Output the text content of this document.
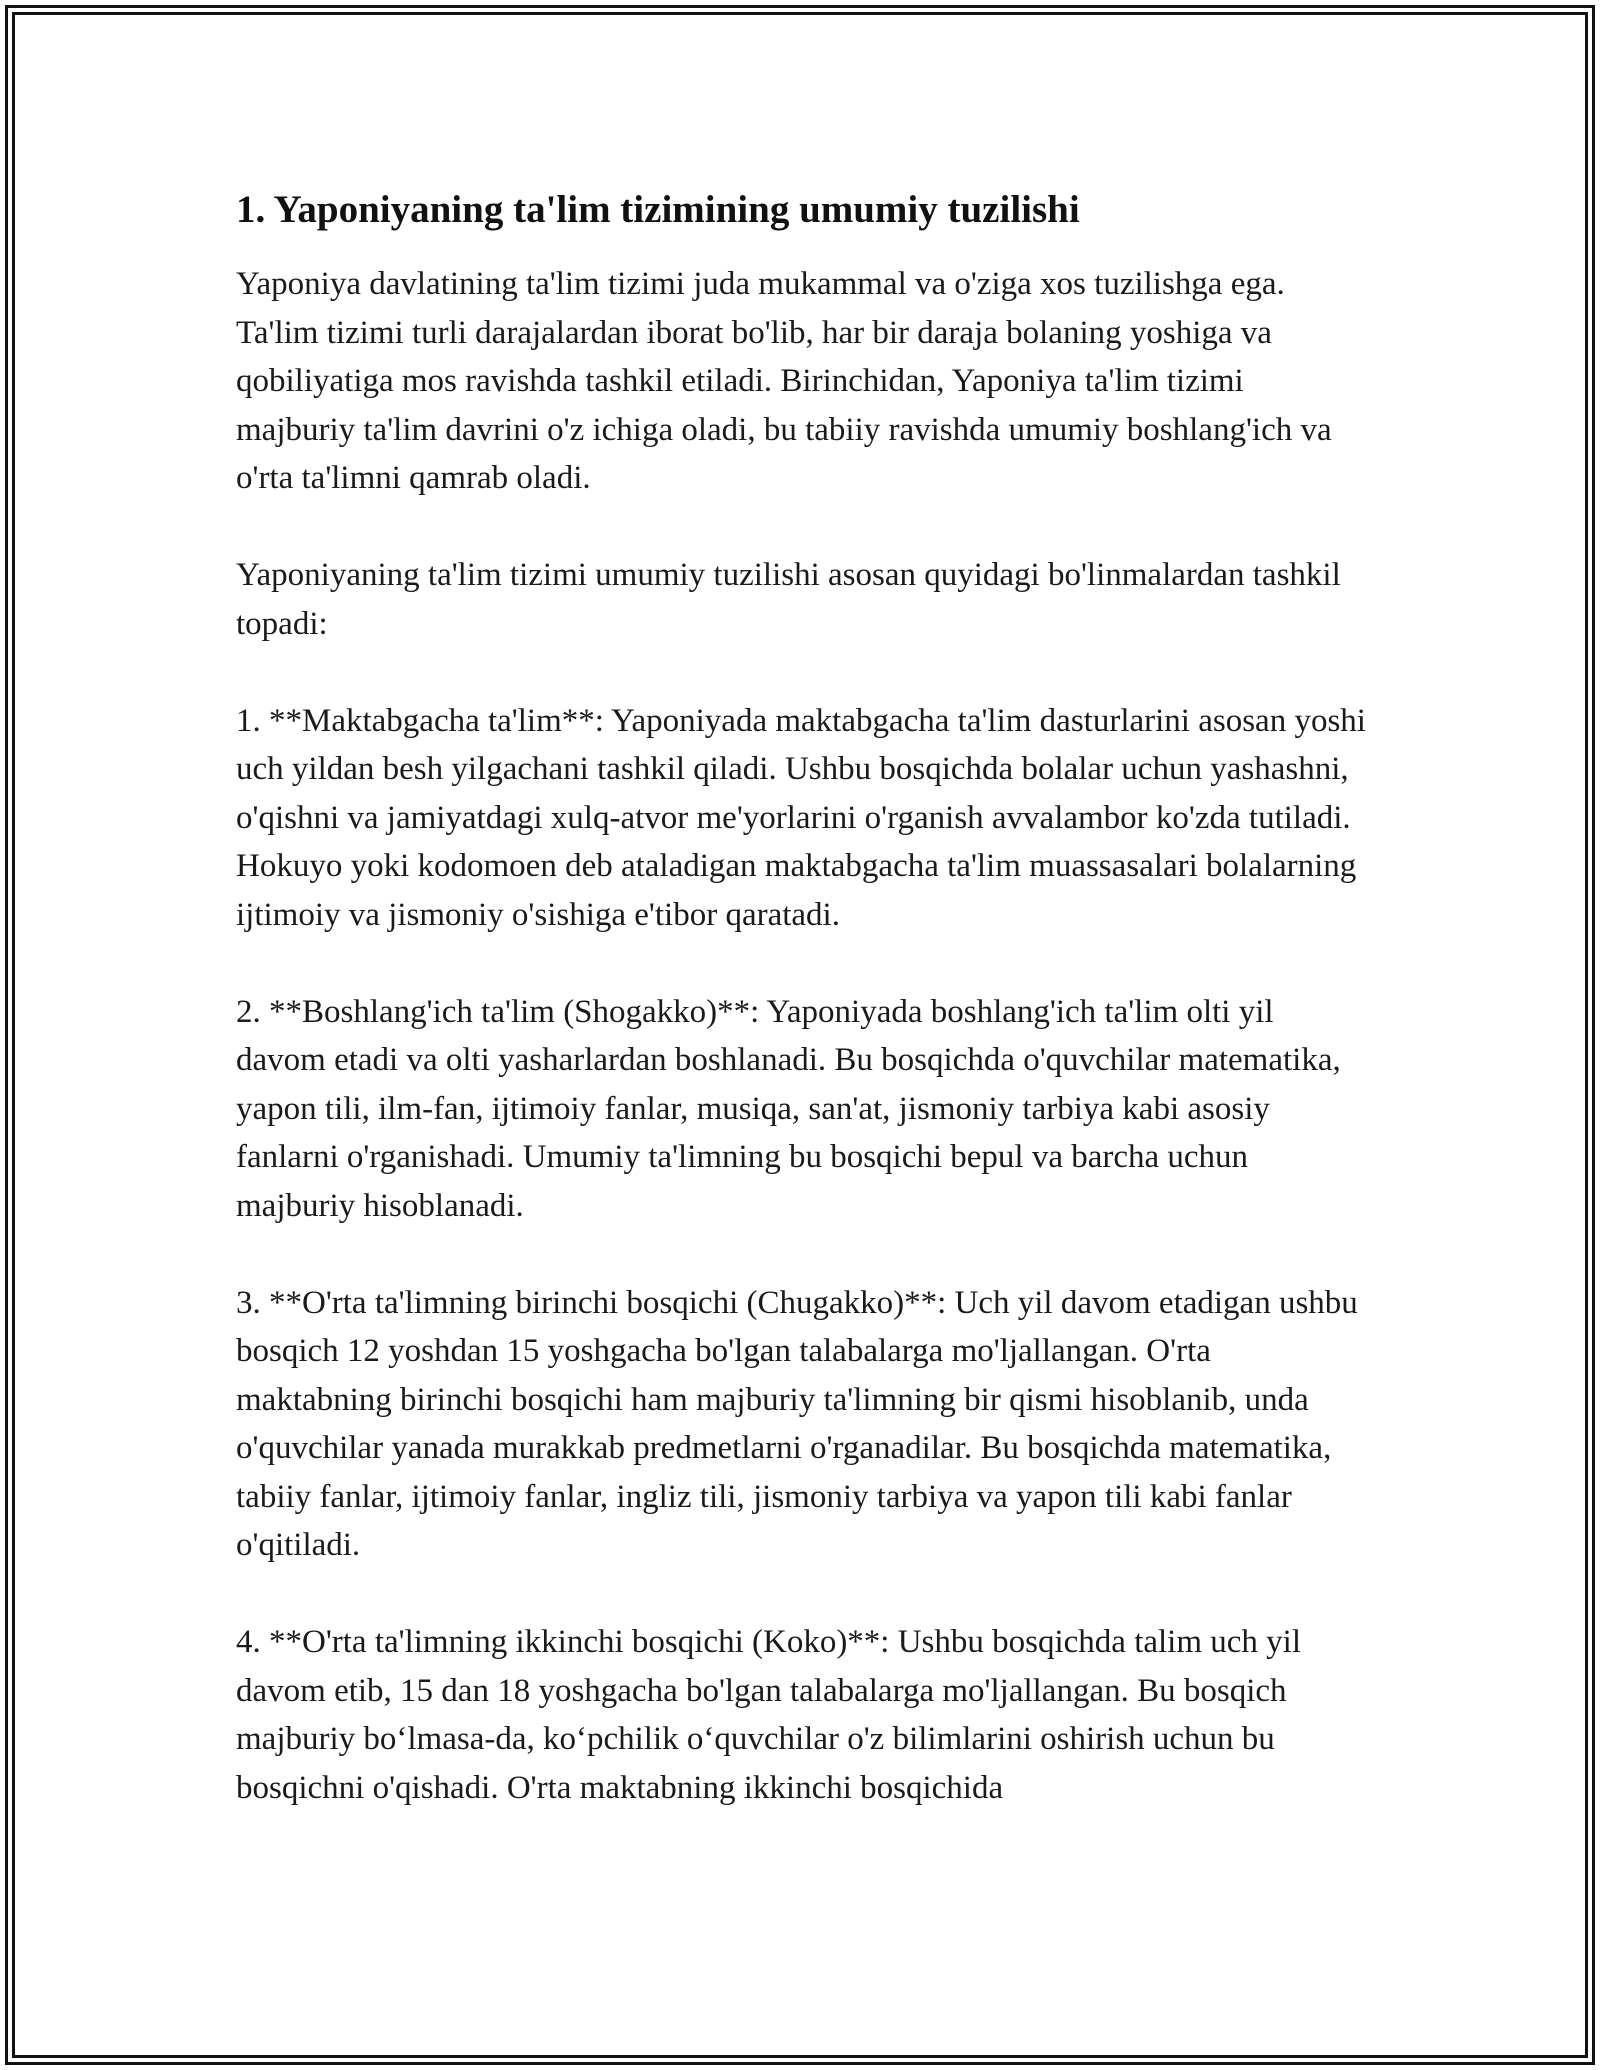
1. Yaponiyaning ta'lim tizimining umumiy tuzilishi

Yaponiya davlatining ta'lim tizimi juda mukammal va o'ziga xos tuzilishga ega. Ta'lim tizimi turli darajalardan iborat bo'lib, har bir daraja bolaning yoshiga va qobiliyatiga mos ravishda tashkil etiladi. Birinchidan, Yaponiya ta'lim tizimi majburiy ta'lim davrini o'z ichiga oladi, bu tabiiy ravishda umumiy boshlang'ich va o'rta ta'limni qamrab oladi.

Yaponiyaning ta'lim tizimi umumiy tuzilishi asosan quyidagi bo'linmalardan tashkil topadi:

1. **Maktabgacha ta'lim**: Yaponiyada maktabgacha ta'lim dasturlarini asosan yoshi uch yildan besh yilgachani tashkil qiladi. Ushbu bosqichda bolalar uchun yashashni, o'qishni va jamiyatdagi xulq-atvor me'yorlarini o'rganish avvalambor ko'zda tutiladi. Hokuyo yoki kodomoen deb ataladigan maktabgacha ta'lim muassasalari bolalarning ijtimoiy va jismoniy o'sishiga e'tibor qaratadi.

2. **Boshlang'ich ta'lim (Shogakko)**: Yaponiyada boshlang'ich ta'lim olti yil davom etadi va olti yasharlardan boshlanadi. Bu bosqichda o'quvchilar matematika, yapon tili, ilm-fan, ijtimoiy fanlar, musiqa, san'at, jismoniy tarbiya kabi asosiy fanlarni o'rganishadi. Umumiy ta'limning bu bosqichi bepul va barcha uchun majburiy hisoblanadi.

3. **O'rta ta'limning birinchi bosqichi (Chugakko)**: Uch yil davom etadigan ushbu bosqich 12 yoshdan 15 yoshgacha bo'lgan talabalarga mo'ljallangan. O'rta maktabning birinchi bosqichi ham majburiy ta'limning bir qismi hisoblanib, unda o'quvchilar yanada murakkab predmetlarni o'rganadilar. Bu bosqichda matematika, tabiiy fanlar, ijtimoiy fanlar, ingliz tili, jismoniy tarbiya va yapon tili kabi fanlar o'qitiladi.

4. **O'rta ta'limning ikkinchi bosqichi (Koko)**: Ushbu bosqichda talim uch yil davom etib, 15 dan 18 yoshgacha bo'lgan talabalarga mo'ljallangan. Bu bosqich majburiy bo‘lmasa-da, ko‘pchilik o‘quvchilar o'z bilimlarini oshirish uchun bu bosqichni o'qishadi. O'rta maktabning ikkinchi bosqichida
